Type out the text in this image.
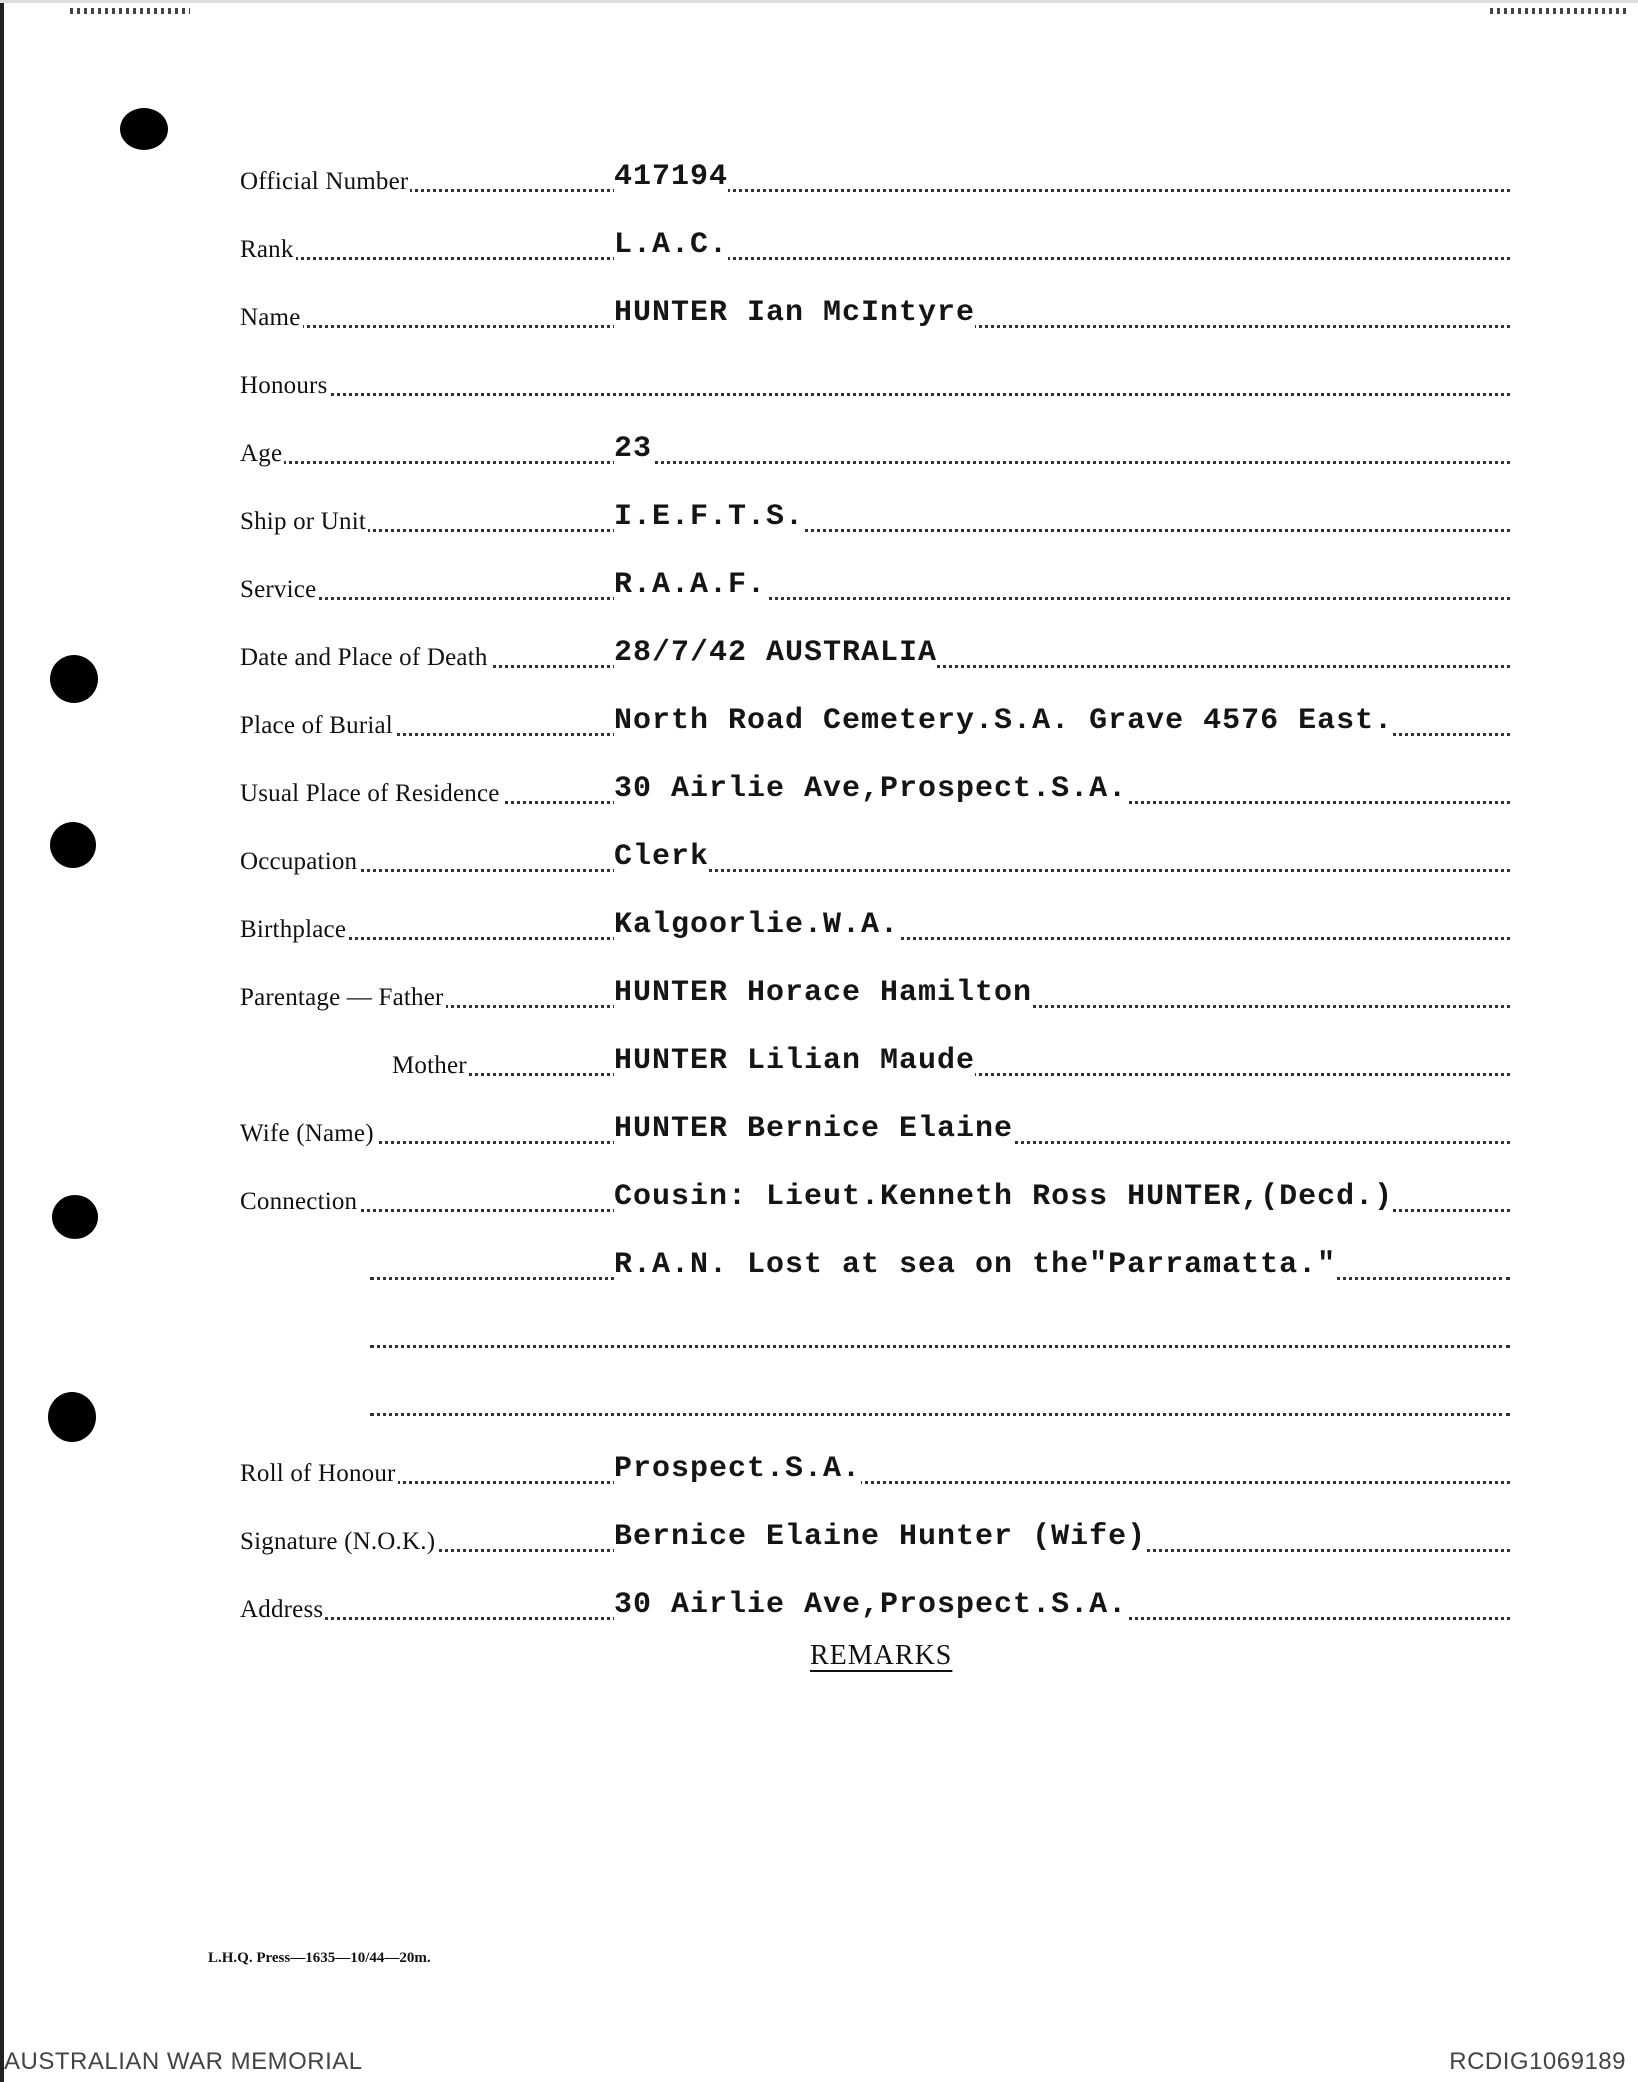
Official Number	417194
Rank	L.A.C.
Name	HUNTER Ian McIntyre
Honours
Age	23
Ship or Unit	I.E.F.T.S.
Service	R.A.A.F.
Date and Place of Death	28/7/42 AUSTRALIA
Place of Burial	North Road Cemetery.S.A. Grave 4576 East.
Usual Place of Residence	30 Airlie Ave,Prospect.S.A.
Occupation	Clerk
Birthplace	Kalgoorlie.W.A.
Parentage — Father	HUNTER Horace Hamilton
Mother	HUNTER Lilian Maude
Wife (Name)	HUNTER Bernice Elaine
Connection	Cousin: Lieut.Kenneth Ross HUNTER,(Decd.)
R.A.N. Lost at sea on the"Parramatta."
Roll of Honour	Prospect.S.A.
Signature (N.O.K.)	Bernice Elaine Hunter (Wife)
Address	30 Airlie Ave,Prospect.S.A.
REMARKS
L.H.Q. Press—1635—10/44—20m.
AUSTRALIAN WAR MEMORIAL	RCDIG1069189
